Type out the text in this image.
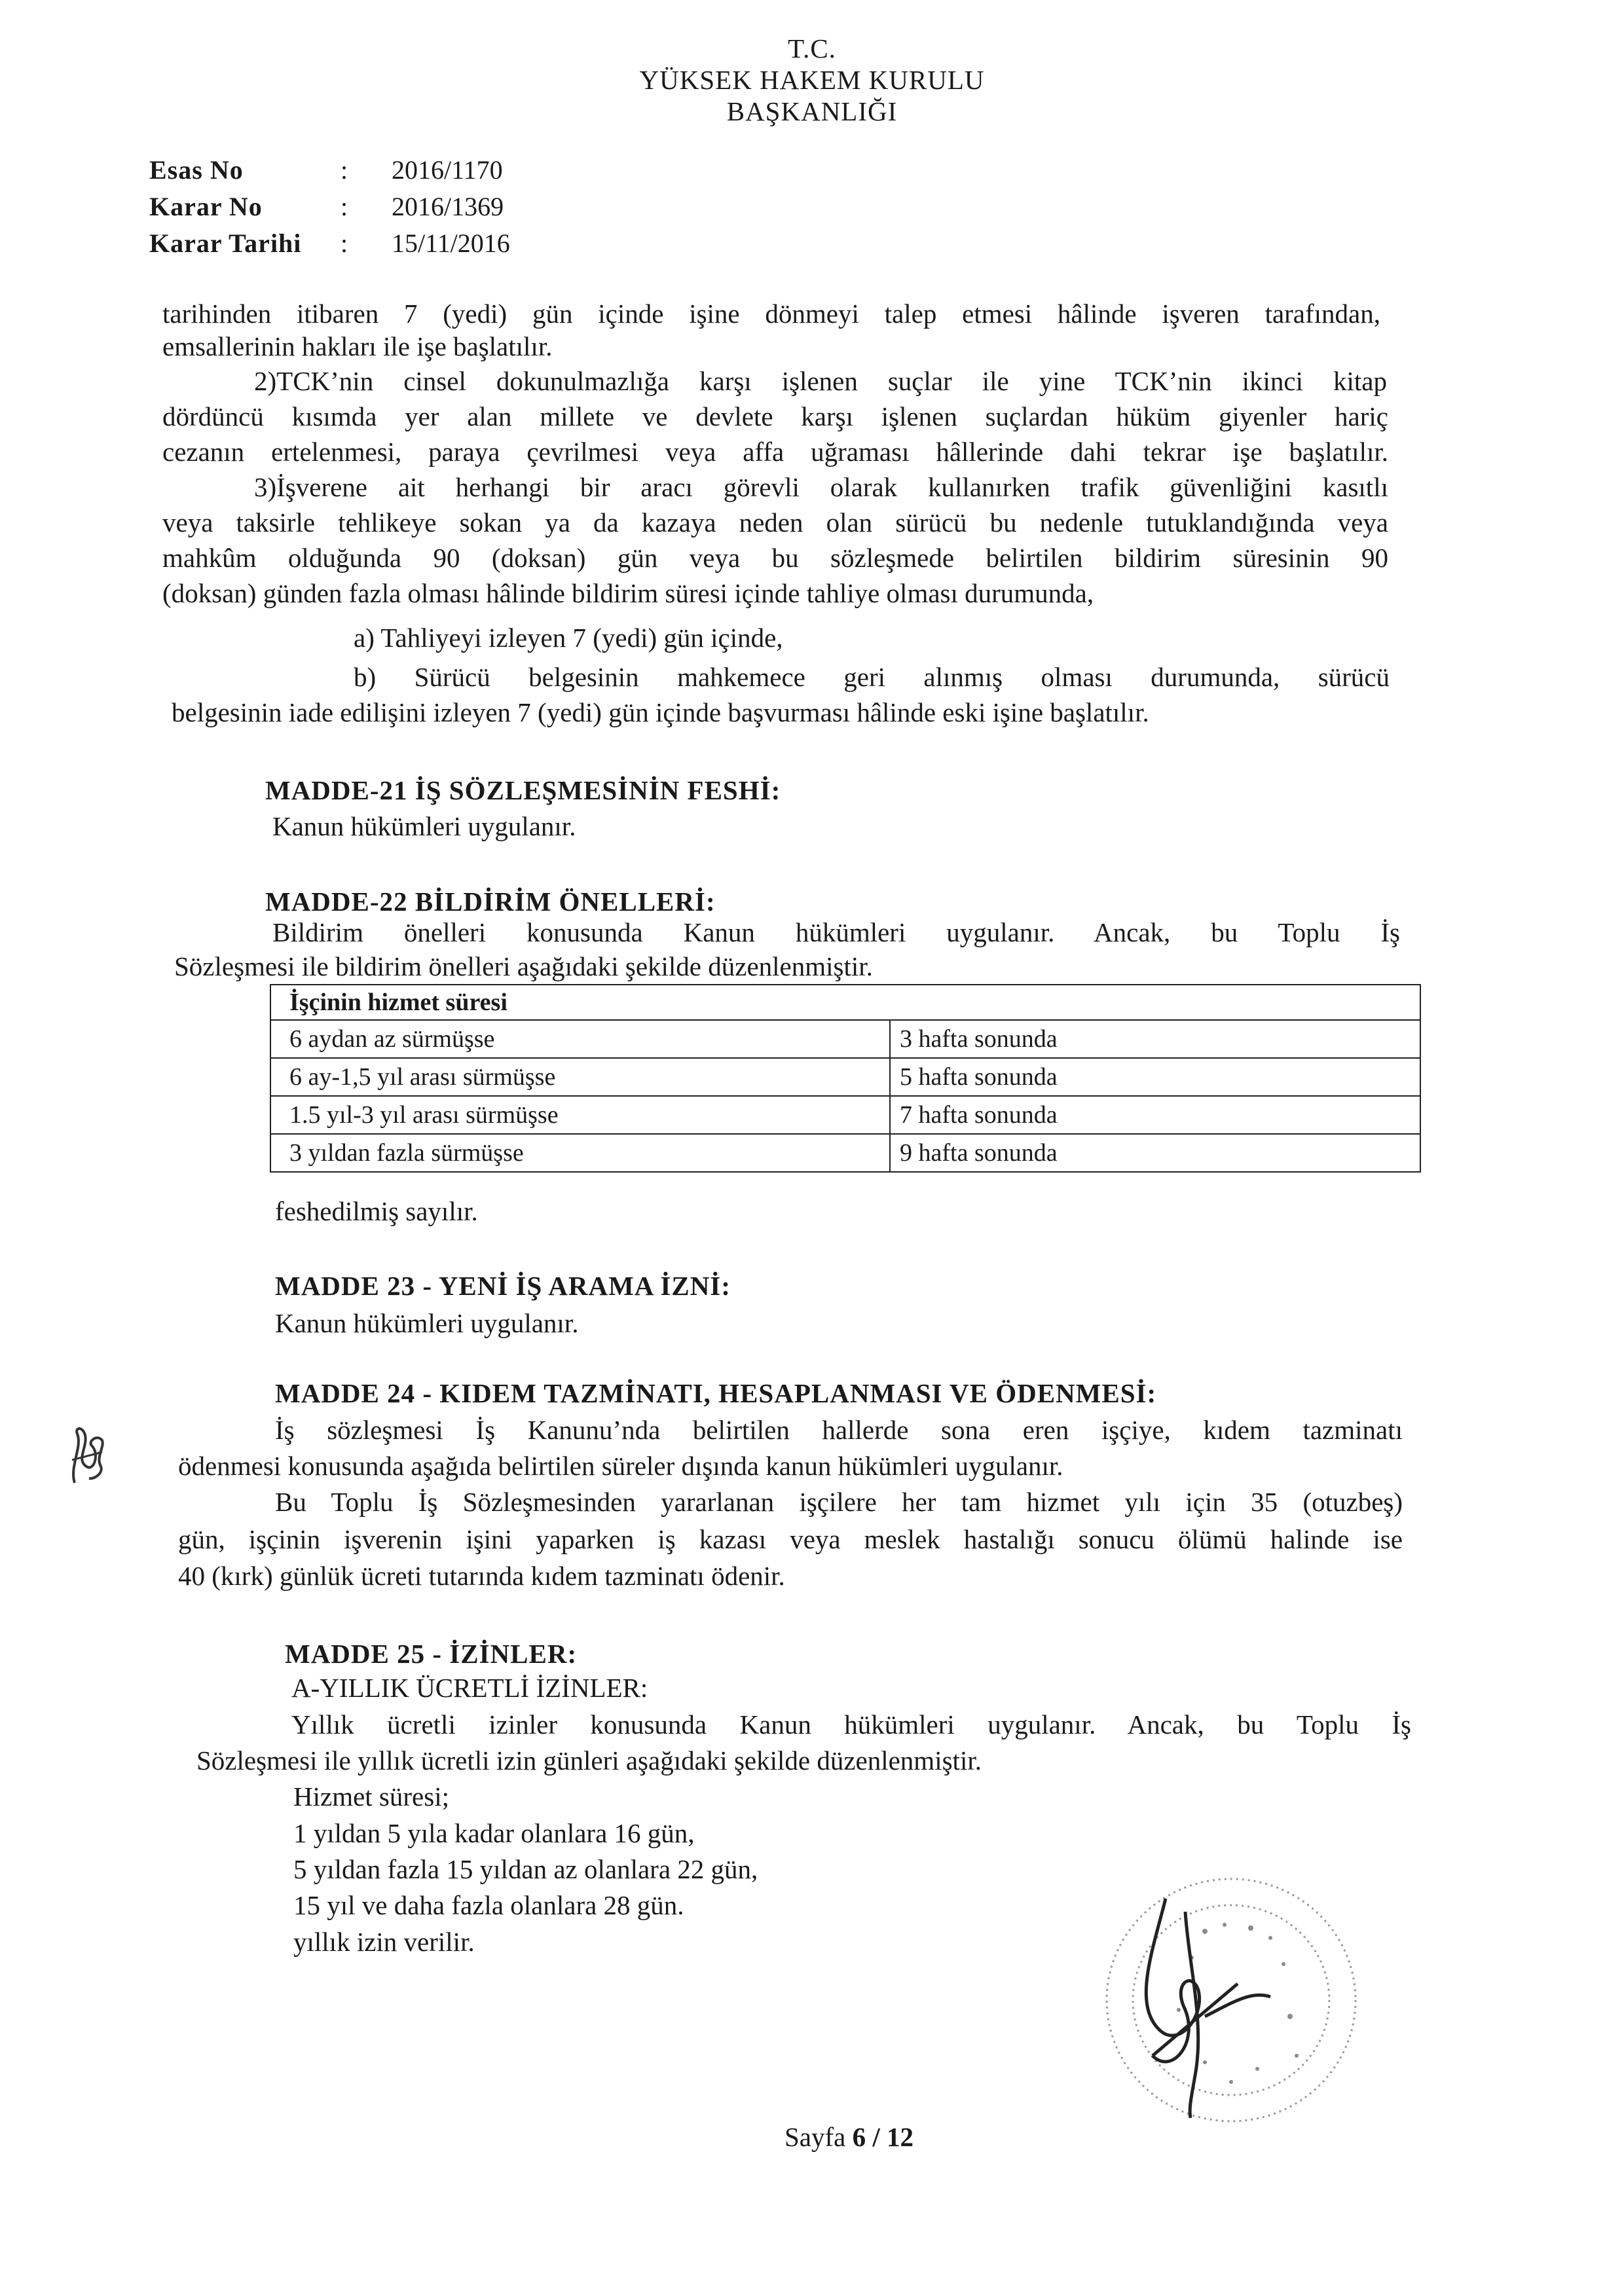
T.C.
YÜKSEK HAKEM KURULU
BAŞKANLIĞI
Esas No	:	2016/1170
Karar No	:	2016/1369
Karar Tarihi	:	15/11/2016
tarihinden itibaren 7 (yedi) gün içinde işine dönmeyi talep etmesi hâlinde işveren tarafından,
emsallerinin hakları ile işe başlatılır.
2)TCK’nin cinsel dokunulmazlığa karşı işlenen suçlar ile yine TCK’nin ikinci kitap
dördüncü kısımda yer alan millete ve devlete karşı işlenen suçlardan hüküm giyenler hariç
cezanın ertelenmesi, paraya çevrilmesi veya affa uğraması hâllerinde dahi tekrar işe başlatılır.
3)İşverene ait herhangi bir aracı görevli olarak kullanırken trafik güvenliğini kasıtlı
veya taksirle tehlikeye sokan ya da kazaya neden olan sürücü bu nedenle tutuklandığında veya
mahkûm olduğunda 90 (doksan) gün veya bu sözleşmede belirtilen bildirim süresinin 90
(doksan) günden fazla olması hâlinde bildirim süresi içinde tahliye olması durumunda,
a) Tahliyeyi izleyen 7 (yedi) gün içinde,
b) Sürücü belgesinin mahkemece geri alınmış olması durumunda, sürücü
belgesinin iade edilişini izleyen 7 (yedi) gün içinde başvurması hâlinde eski işine başlatılır.
MADDE-21 İŞ SÖZLEŞMESİNİN FESHİ:
Kanun hükümleri uygulanır.
MADDE-22 BİLDİRİM ÖNELLERİ:
Bildirim önelleri konusunda Kanun hükümleri uygulanır. Ancak, bu Toplu İş
Sözleşmesi ile bildirim önelleri aşağıdaki şekilde düzenlenmiştir.
İşçinin hizmet süresi
6 aydan az sürmüşse	3 hafta sonunda
6 ay-1,5 yıl arası sürmüşse	5 hafta sonunda
1.5 yıl-3 yıl arası sürmüşse	7 hafta sonunda
3 yıldan fazla sürmüşse	9 hafta sonunda
feshedilmiş sayılır.
MADDE 23 - YENİ İŞ ARAMA İZNİ:
Kanun hükümleri uygulanır.
MADDE 24 - KIDEM TAZMİNATI, HESAPLANMASI VE ÖDENMESİ:
İş sözleşmesi İş Kanunu’nda belirtilen hallerde sona eren işçiye, kıdem tazminatı
ödenmesi konusunda aşağıda belirtilen süreler dışında kanun hükümleri uygulanır.
Bu Toplu İş Sözleşmesinden yararlanan işçilere her tam hizmet yılı için 35 (otuzbeş)
gün, işçinin işverenin işini yaparken iş kazası veya meslek hastalığı sonucu ölümü halinde ise
40 (kırk) günlük ücreti tutarında kıdem tazminatı ödenir.
MADDE 25 - İZİNLER:
A-YILLIK ÜCRETLİ İZİNLER:
Yıllık ücretli izinler konusunda Kanun hükümleri uygulanır. Ancak, bu Toplu İş
Sözleşmesi ile yıllık ücretli izin günleri aşağıdaki şekilde düzenlenmiştir.
Hizmet süresi;
1 yıldan 5 yıla kadar olanlara 16 gün,
5 yıldan fazla 15 yıldan az olanlara 22 gün,
15 yıl ve daha fazla olanlara 28 gün.
yıllık izin verilir.
Sayfa 6 / 12
